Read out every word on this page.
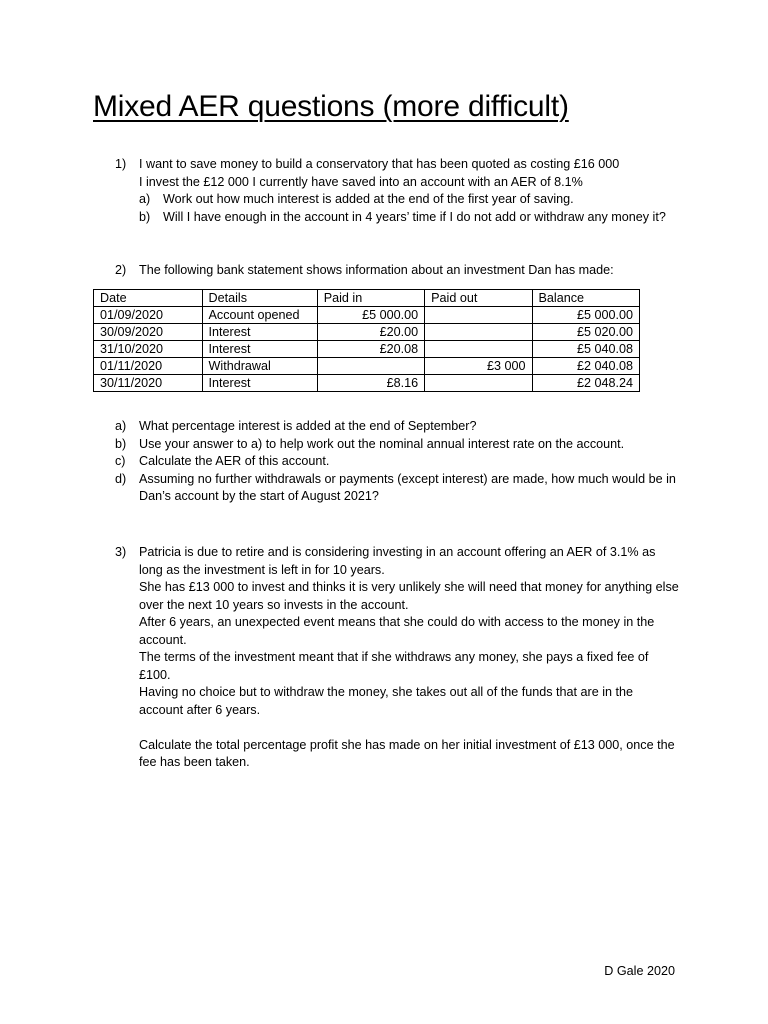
Mixed AER questions (more difficult)
1) I want to save money to build a conservatory that has been quoted as costing £16 000
I invest the £12 000 I currently have saved into an account with an AER of 8.1%
a) Work out how much interest is added at the end of the first year of saving.
b) Will I have enough in the account in 4 years’ time if I do not add or withdraw any money it?
2) The following bank statement shows information about an investment Dan has made:
Date	Details	Paid in	Paid out	Balance
01/09/2020	Account opened	£5 000.00		£5 000.00
30/09/2020	Interest	£20.00		£5 020.00
31/10/2020	Interest	£20.08		£5 040.08
01/11/2020	Withdrawal		£3 000	£2 040.08
30/11/2020	Interest	£8.16		£2 048.24
a) What percentage interest is added at the end of September?
b) Use your answer to a) to help work out the nominal annual interest rate on the account.
c) Calculate the AER of this account.
d) Assuming no further withdrawals or payments (except interest) are made, how much would be in Dan’s account by the start of August 2021?
3) Patricia is due to retire and is considering investing in an account offering an AER of 3.1% as long as the investment is left in for 10 years.
She has £13 000 to invest and thinks it is very unlikely she will need that money for anything else over the next 10 years so invests in the account.
After 6 years, an unexpected event means that she could do with access to the money in the account.
The terms of the investment meant that if she withdraws any money, she pays a fixed fee of £100.
Having no choice but to withdraw the money, she takes out all of the funds that are in the account after 6 years.
Calculate the total percentage profit she has made on her initial investment of £13 000, once the fee has been taken.
D Gale 2020
